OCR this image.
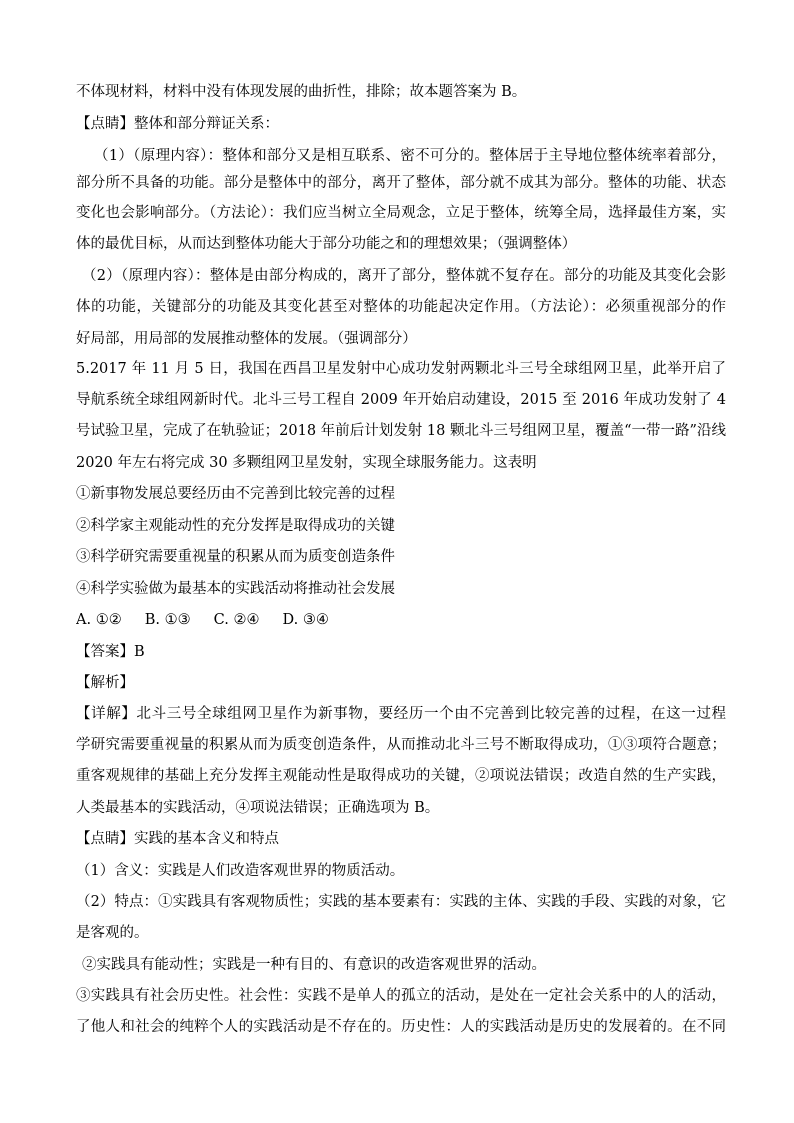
不体现材料，材料中没有体现发展的曲折性，排除；故本题答案为 B。
【点睛】整体和部分辩证关系：
（1）（原理内容）：整体和部分又是相互联系、密不可分的。整体居于主导地位整体统率着部分，
部分所不具备的功能。部分是整体中的部分，离开了整体，部分就不成其为部分。整体的功能、状态
变化也会影响部分。（方法论）：我们应当树立全局观念，立足于整体，统筹全局，选择最佳方案，实
体的最优目标，从而达到整体功能大于部分功能之和的理想效果；（强调整体）
（2）（原理内容）：整体是由部分构成的，离开了部分，整体就不复存在。部分的功能及其变化会影
体的功能，关键部分的功能及其变化甚至对整体的功能起决定作用。（方法论）：必须重视部分的作
好局部，用局部的发展推动整体的发展。（强调部分）
5.2017 年 11 月 5 日，我国在西昌卫星发射中心成功发射两颗北斗三号全球组网卫星，此举开启了
导航系统全球组网新时代。北斗三号工程自 2009 年开始启动建设，2015 至 2016 年成功发射了 4
号试验卫星，完成了在轨验证；2018 年前后计划发射 18 颗北斗三号组网卫星，覆盖“一带一路”沿线
2020 年左右将完成 30 多颗组网卫星发射，实现全球服务能力。这表明
①新事物发展总要经历由不完善到比较完善的过程
②科学家主观能动性的充分发挥是取得成功的关键
③科学研究需要重视量的积累从而为质变创造条件
④科学实验做为最基本的实践活动将推动社会发展
A. ①②     B. ①③     C. ②④     D. ③④
【答案】B
【解析】
【详解】北斗三号全球组网卫星作为新事物，要经历一个由不完善到比较完善的过程，在这一过程
学研究需要重视量的积累从而为质变创造条件，从而推动北斗三号不断取得成功，①③项符合题意；
重客观规律的基础上充分发挥主观能动性是取得成功的关键，②项说法错误；改造自然的生产实践，
人类最基本的实践活动，④项说法错误；正确选项为 B。
【点睛】实践的基本含义和特点
（1）含义：实践是人们改造客观世界的物质活动。
（2）特点：①实践具有客观物质性；实践的基本要素有：实践的主体、实践的手段、实践的对象，它
是客观的。
②实践具有能动性；实践是一种有目的、有意识的改造客观世界的活动。
③实践具有社会历史性。社会性：实践不是单人的孤立的活动，是处在一定社会关系中的人的活动，
了他人和社会的纯粹个人的实践活动是不存在的。历史性：人的实践活动是历史的发展着的。在不同
